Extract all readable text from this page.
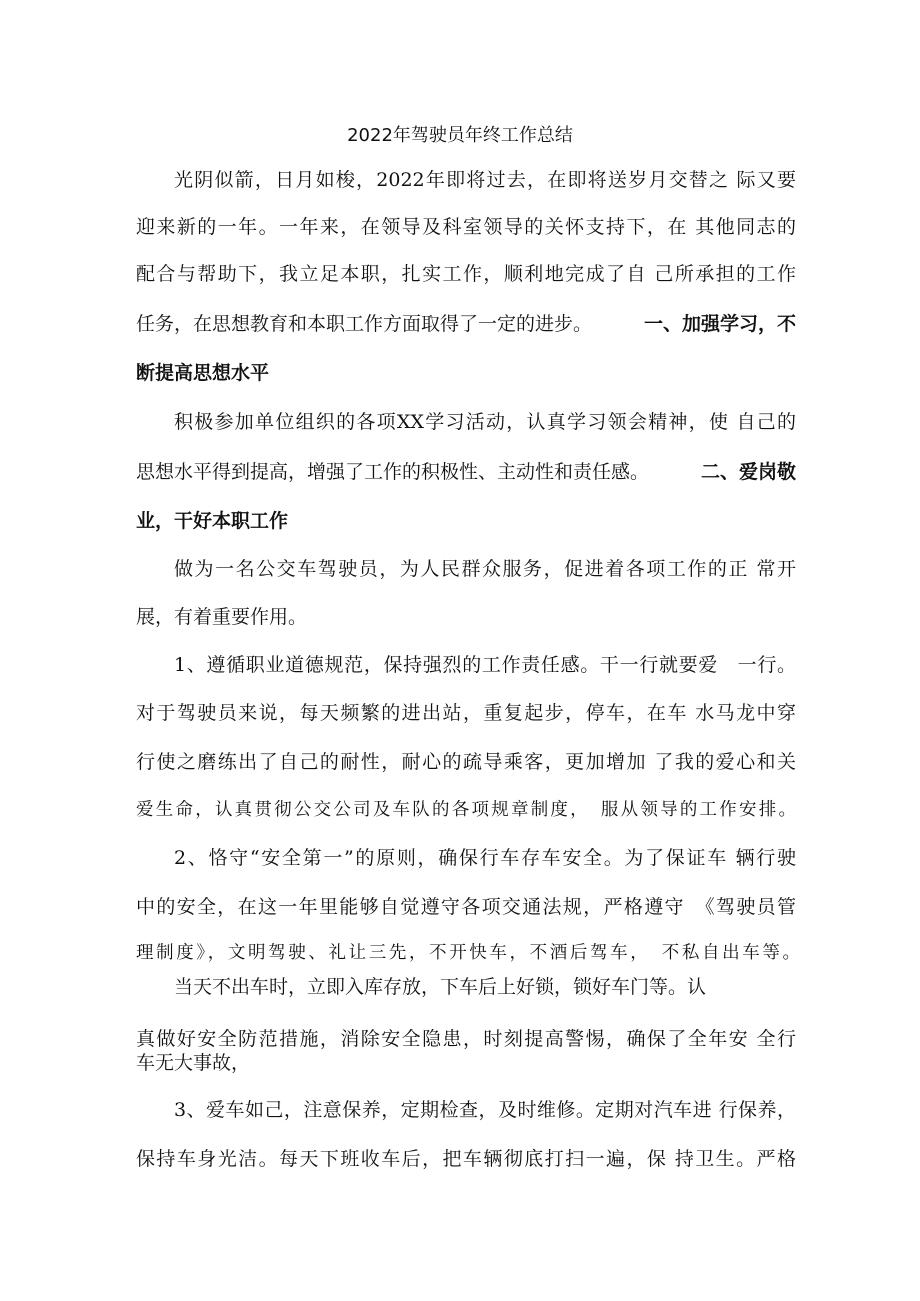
2022年驾驶员年终工作总结
光阴似箭，日月如梭，2022年即将过去，在即将送岁月交替之 际又要
迎来新的一年。一年来，在领导及科室领导的关怀支持下，在 其他同志的
配合与帮助下，我立足本职，扎实工作，顺利地完成了自 己所承担的工作
任务，在思想教育和本职工作方面取得了一定的进步。	一、加强学习，不
断提高思想水平
积极参加单位组织的各项XX学习活动，认真学习领会精神，使 自己的
思想水平得到提高，增强了工作的积极性、主动性和责任感。	二、爱岗敬
业，干好本职工作
做为一名公交车驾驶员，为人民群众服务，促进着各项工作的正 常开
展，有着重要作用。
1、遵循职业道德规范，保持强烈的工作责任感。干一行就要爱　一行。
对于驾驶员来说，每天频繁的进出站，重复起步，停车，在车 水马龙中穿
行使之磨练出了自己的耐性，耐心的疏导乘客，更加增加 了我的爱心和关
爱生命，认真贯彻公交公司及车队的各项规章制度，　服从领导的工作安排。
2、恪守“安全第一”的原则，确保行车存车安全。为了保证车 辆行驶
中的安全，在这一年里能够自觉遵守各项交通法规，严格遵守　《驾驶员管
理制度》，文明驾驶、礼让三先，不开快车，不酒后驾车，　不私自出车等。
当天不出车时，立即入库存放，下车后上好锁，锁好车门等。认
真做好安全防范措施，消除安全隐患，时刻提高警惕，确保了全年安 全行
车无大事故，
3、爱车如己，注意保养，定期检查，及时维修。定期对汽车进 行保养，
保持车身光洁。每天下班收车后，把车辆彻底打扫一遍，保 持卫生。严格
